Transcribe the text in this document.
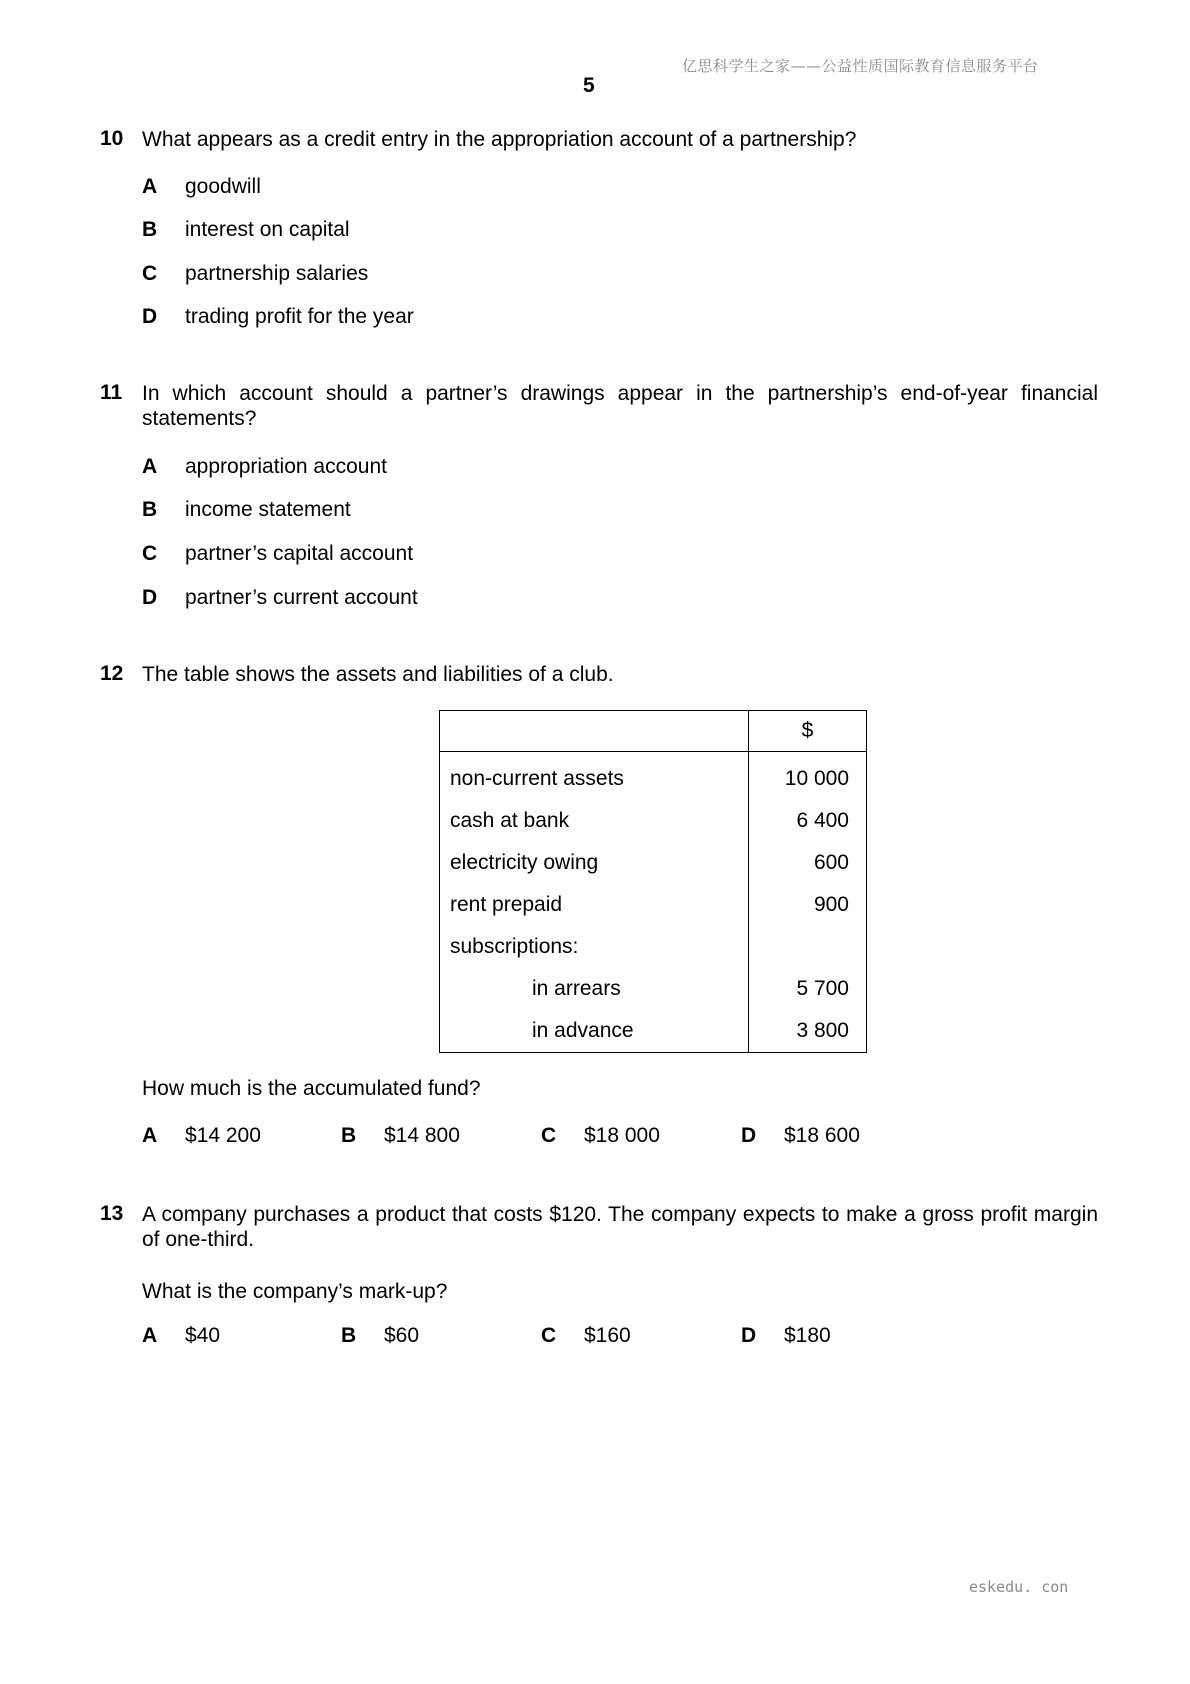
亿思科学生之家——公益性质国际教育信息服务平台
5
10 What appears as a credit entry in the appropriation account of a partnership?
A goodwill
B interest on capital
C partnership salaries
D trading profit for the year
11 In which account should a partner’s drawings appear in the partnership’s end-of-year financial statements?
A appropriation account
B income statement
C partner’s capital account
D partner’s current account
12 The table shows the assets and liabilities of a club.
	$
non-current assets	10 000
cash at bank	6 400
electricity owing	600
rent prepaid	900
subscriptions:	
in arrears	5 700
in advance	3 800
How much is the accumulated fund?
A $14 200	B $14 800	C $18 000	D $18 600
13 A company purchases a product that costs $120. The company expects to make a gross profit margin of one-third.
What is the company’s mark-up?
A $40	B $60	C $160	D $180
eskedu. con
